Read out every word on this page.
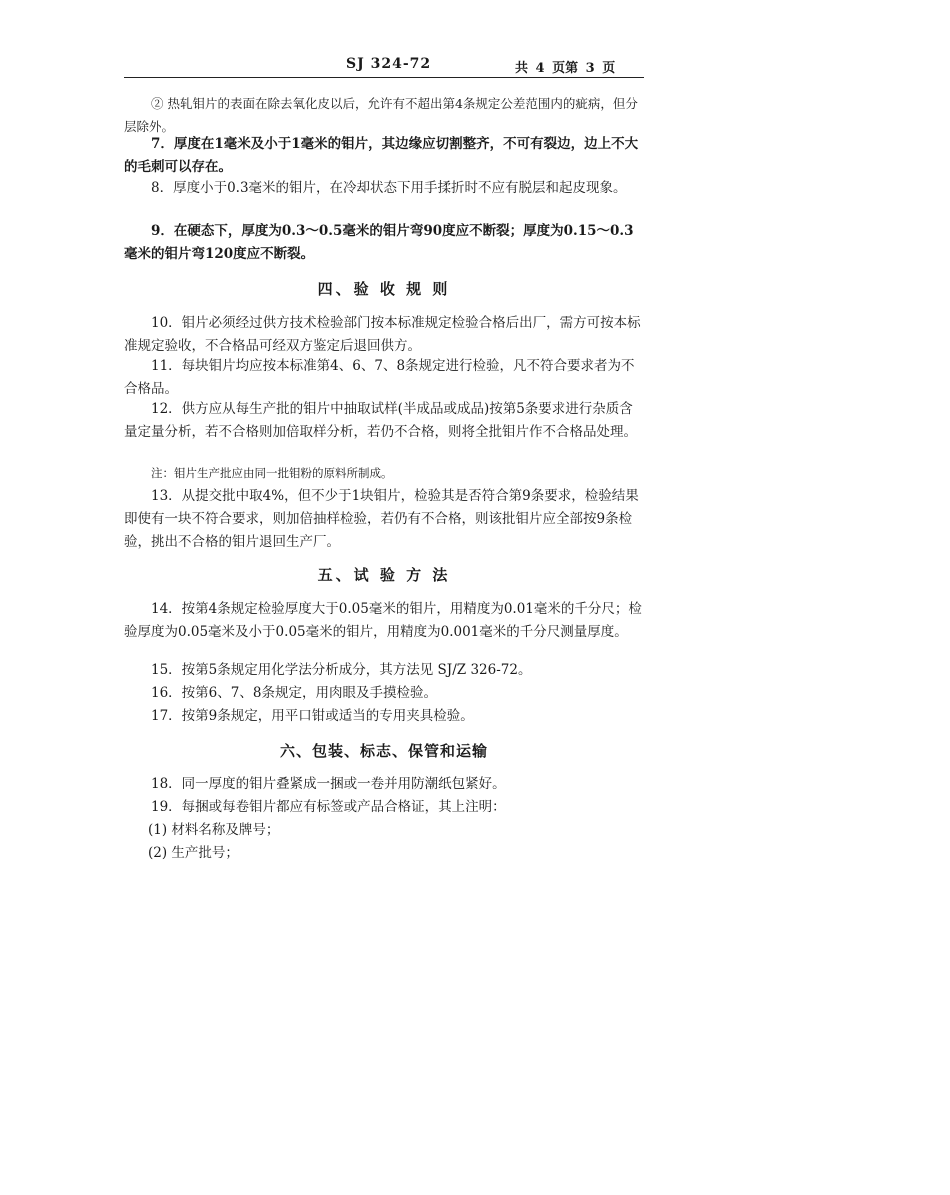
SJ 324-72	共 4 页第 3 页

② 热轧钼片的表面在除去氧化皮以后，允许有不超出第4条规定公差范围内的疵病，但分层除外。

7．厚度在1毫米及小于1毫米的钼片，其边缘应切割整齐，不可有裂边，边上不大的毛刺可以存在。

8．厚度小于0.3毫米的钼片，在冷却状态下用手揉折时不应有脱层和起皮现象。

9．在硬态下，厚度为0.3～0.5毫米的钼片弯90度应不断裂；厚度为0.15～0.3毫米的钼片弯120度应不断裂。

四、验 收 规 则

10．钼片必须经过供方技术检验部门按本标准规定检验合格后出厂，需方可按本标准规定验收，不合格品可经双方鉴定后退回供方。

11．每块钼片均应按本标准第4、6、7、8条规定进行检验，凡不符合要求者为不合格品。

12．供方应从每生产批的钼片中抽取试样(半成品或成品)按第5条要求进行杂质含量定量分析，若不合格则加倍取样分析，若仍不合格，则将全批钼片作不合格品处理。

注：钼片生产批应由同一批钼粉的原料所制成。

13．从提交批中取4%，但不少于1块钼片，检验其是否符合第9条要求，检验结果即使有一块不符合要求，则加倍抽样检验，若仍有不合格，则该批钼片应全部按9条检验，挑出不合格的钼片退回生产厂。

五、试 验 方 法

14．按第4条规定检验厚度大于0.05毫米的钼片，用精度为0.01毫米的千分尺；检验厚度为0.05毫米及小于0.05毫米的钼片，用精度为0.001毫米的千分尺测量厚度。

15．按第5条规定用化学法分析成分，其方法见 SJ/Z 326-72。

16．按第6、7、8条规定，用肉眼及手摸检验。

17．按第9条规定，用平口钳或适当的专用夹具检验。

六、包装、标志、保管和运输

18．同一厚度的钼片叠紧成一捆或一卷并用防潮纸包紧好。

19．每捆或每卷钼片都应有标签或产品合格证，其上注明：

(1) 材料名称及牌号；

(2) 生产批号；
